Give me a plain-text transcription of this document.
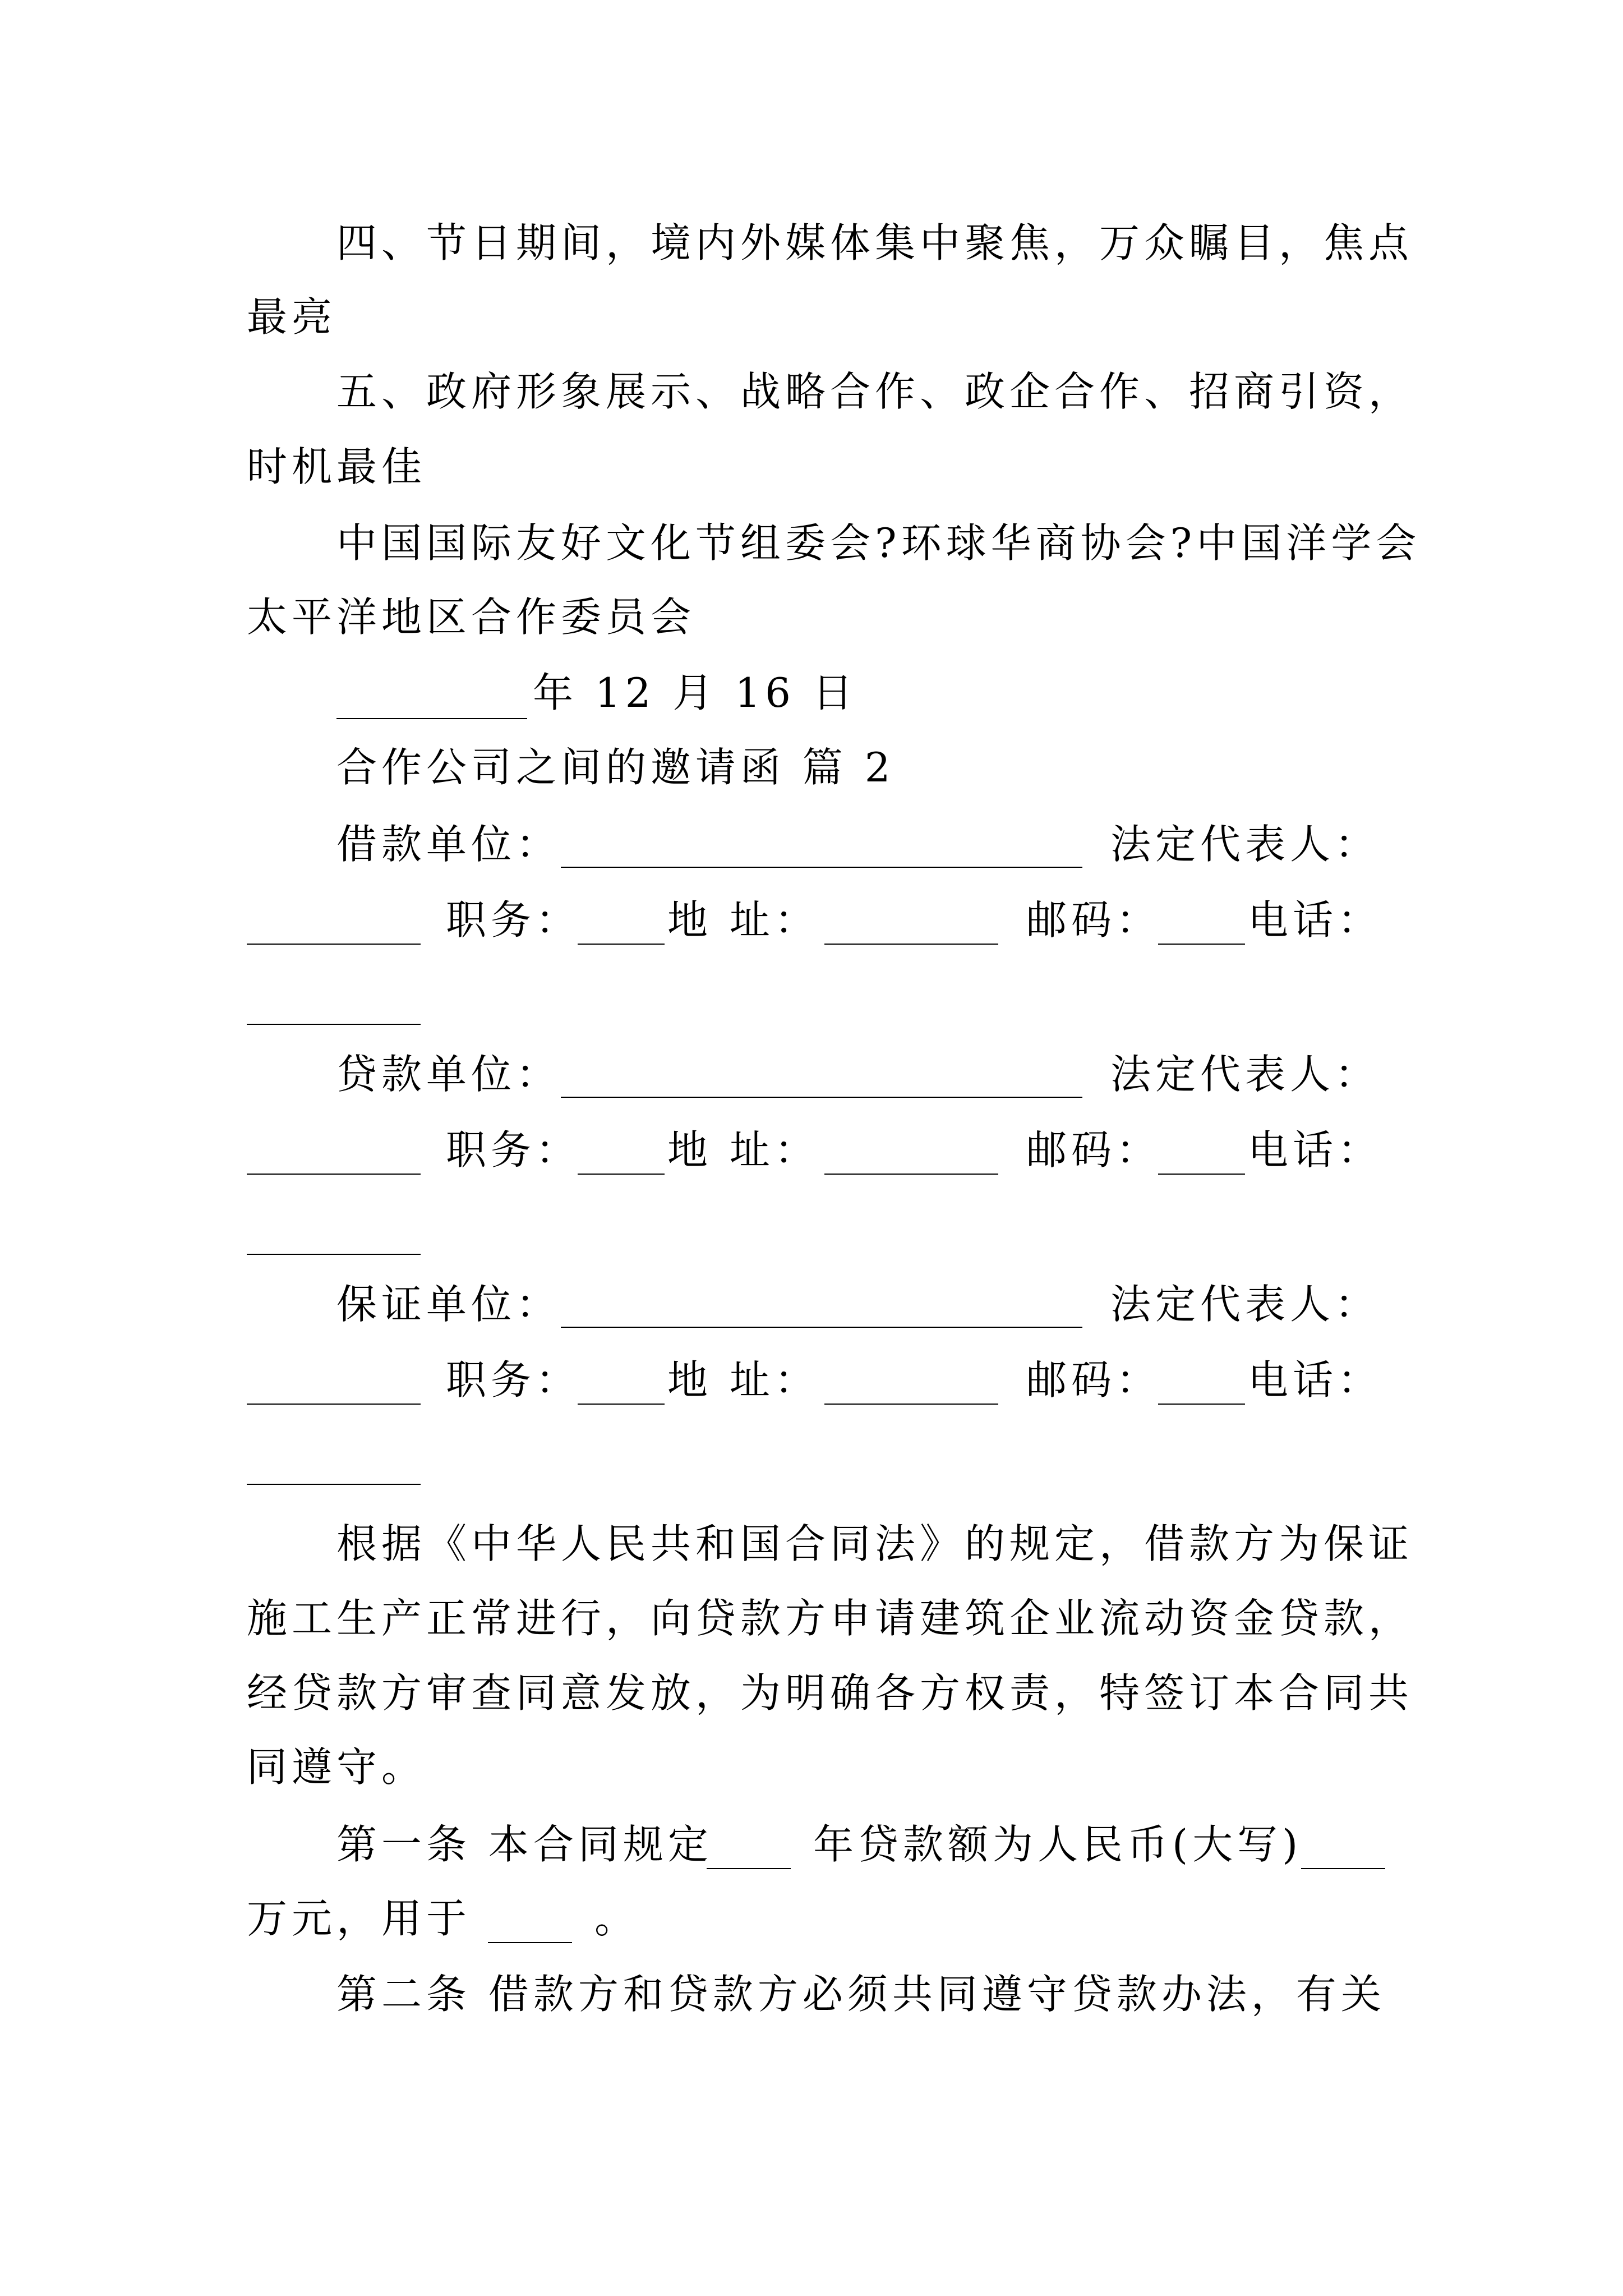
四、节日期间，境内外媒体集中聚焦，万众瞩目，焦点
最亮
五、政府形象展示、战略合作、政企合作、招商引资，
时机最佳
中国国际友好文化节组委会?环球华商协会?中国洋学会
太平洋地区合作委员会
年 12 月 16 日
合作公司之间的邀请函 篇 2
借款单位：	法定代表人：
职务： 地 址：	邮码： 电话：
贷款单位：	法定代表人：
职务： 地 址：	邮码： 电话：
保证单位：	法定代表人：
职务： 地 址：	邮码： 电话：
根据《中华人民共和国合同法》的规定，借款方为保证
施工生产正常进行，向贷款方申请建筑企业流动资金贷款，
经贷款方审查同意发放，为明确各方权责，特签订本合同共
同遵守。
第一条 本合同规定 年贷款额为人民币(大写)
万元，用于	。
第二条 借款方和贷款方必须共同遵守贷款办法，有关
